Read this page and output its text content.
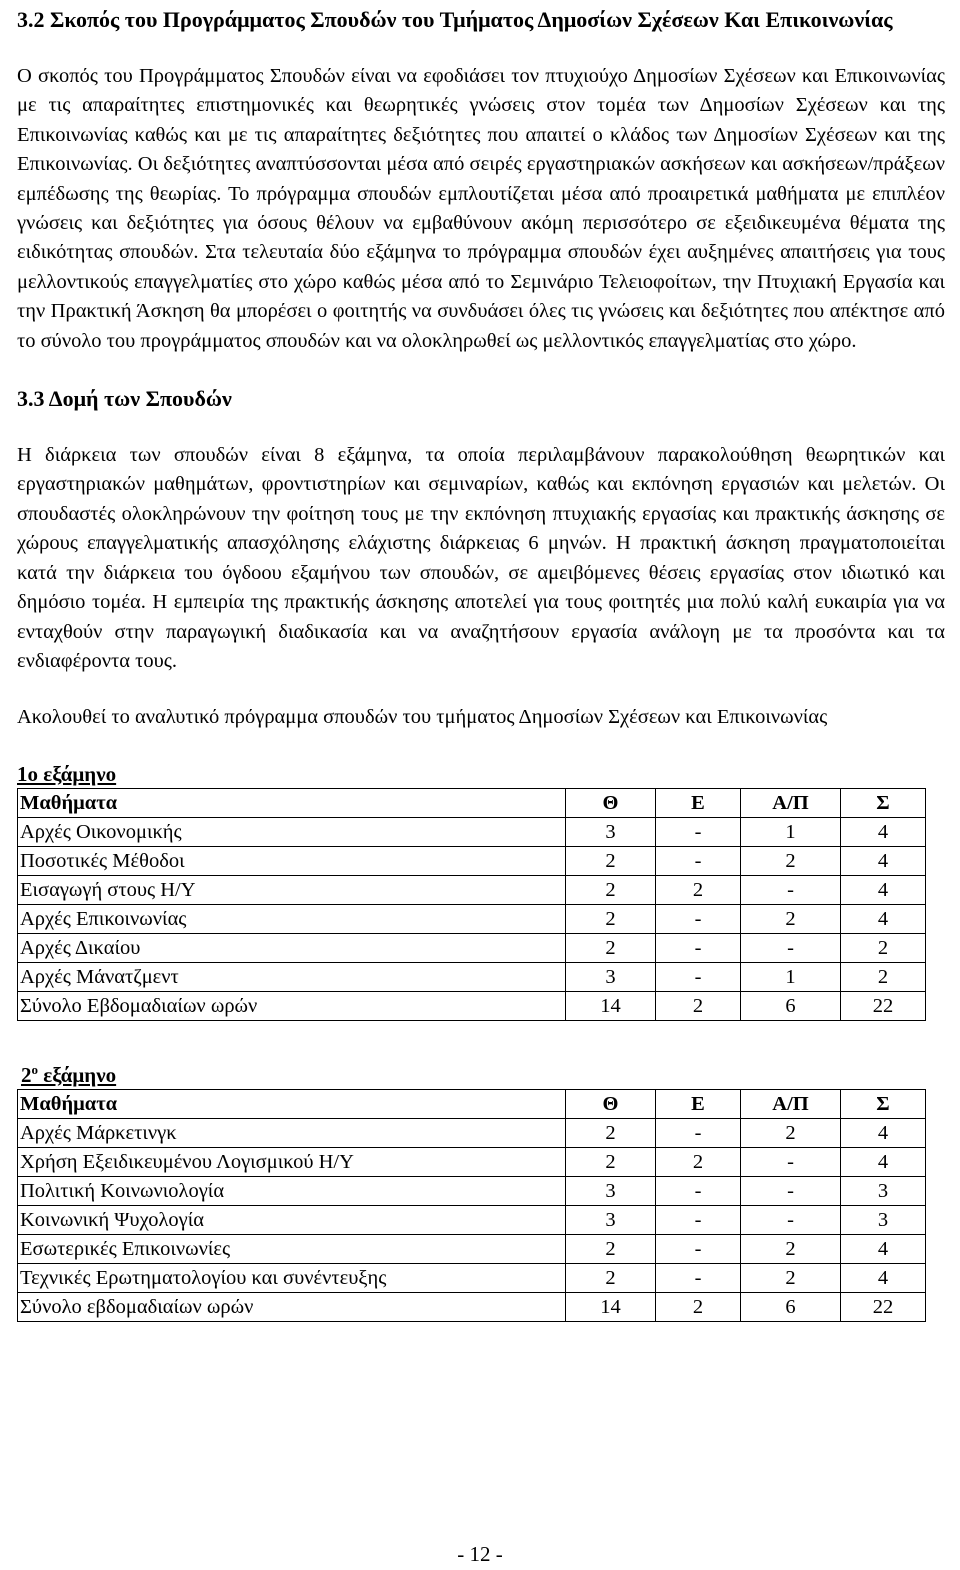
3.2 Σκοπός του Προγράμματος Σπουδών του Τμήματος Δημοσίων Σχέσεων Και Επικοινωνίας

Ο σκοπός του Προγράμματος Σπουδών είναι να εφοδιάσει τον πτυχιούχο Δημοσίων Σχέσεων και Επικοινωνίας με τις απαραίτητες επιστημονικές και θεωρητικές γνώσεις στον τομέα των Δημοσίων Σχέσεων και της Επικοινωνίας καθώς και με τις απαραίτητες δεξιότητες που απαιτεί ο κλάδος των Δημοσίων Σχέσεων και της Επικοινωνίας. Οι δεξιότητες αναπτύσσονται μέσα από σειρές εργαστηριακών ασκήσεων και ασκήσεων/πράξεων εμπέδωσης της θεωρίας. Το πρόγραμμα σπουδών εμπλουτίζεται μέσα από προαιρετικά μαθήματα με επιπλέον γνώσεις και δεξιότητες για όσους θέλουν να εμβαθύνουν ακόμη περισσότερο σε εξειδικευμένα θέματα της ειδικότητας σπουδών. Στα τελευταία δύο εξάμηνα το πρόγραμμα σπουδών έχει αυξημένες απαιτήσεις για τους μελλοντικούς επαγγελματίες στο χώρο καθώς μέσα από το Σεμινάριο Τελειοφοίτων, την Πτυχιακή Εργασία και την Πρακτική Άσκηση θα μπορέσει ο φοιτητής να συνδυάσει όλες τις γνώσεις και δεξιότητες που απέκτησε από το σύνολο του προγράμματος σπουδών και να ολοκληρωθεί ως μελλοντικός επαγγελματίας στο χώρο.

3.3 Δομή των Σπουδών

Η διάρκεια των σπουδών είναι 8 εξάμηνα, τα οποία περιλαμβάνουν παρακολούθηση θεωρητικών και εργαστηριακών μαθημάτων, φροντιστηρίων και σεμιναρίων, καθώς και εκπόνηση εργασιών και μελετών. Οι σπουδαστές ολοκληρώνουν την φοίτηση τους με την εκπόνηση πτυχιακής εργασίας και πρακτικής άσκησης σε χώρους επαγγελματικής απασχόλησης ελάχιστης διάρκειας 6 μηνών. Η πρακτική άσκηση πραγματοποιείται κατά την διάρκεια του όγδοου εξαμήνου των σπουδών, σε αμειβόμενες θέσεις εργασίας στον ιδιωτικό και δημόσιο τομέα. Η εμπειρία της πρακτικής άσκησης αποτελεί για τους φοιτητές μια πολύ καλή ευκαιρία για να ενταχθούν στην παραγωγική διαδικασία και να αναζητήσουν εργασία ανάλογη με τα προσόντα και τα ενδιαφέροντα τους.

Ακολουθεί το αναλυτικό πρόγραμμα σπουδών του τμήματος Δημοσίων Σχέσεων και Επικοινωνίας

1ο εξάμηνο
Μαθήματα	Θ	Ε	Α/Π	Σ
Αρχές Οικονομικής	3	-	1	4
Ποσοτικές Μέθοδοι	2	-	2	4
Εισαγωγή στους Η/Υ	2	2	-	4
Αρχές Επικοινωνίας	2	-	2	4
Αρχές Δικαίου	2	-	-	2
Αρχές Μάνατζμεντ	3	-	1	2
Σύνολο Εβδομαδιαίων ωρών	14	2	6	22
$2^o$ εξάμηνο
Μαθήματα	Θ	Ε	Α/Π	Σ
Αρχές Μάρκετινγκ	2	-	2	4
Χρήση Εξειδικευμένου Λογισμικού Η/Υ	2	2	-	4
Πολιτική Κοινωνιολογία	3	-	-	3
Κοινωνική Ψυχολογία	3	-	-	3
Εσωτερικές Επικοινωνίες	2	-	2	4
Τεχνικές Ερωτηματολογίου και συνέντευξης	2	-	2	4
Σύνολο εβδομαδιαίων ωρών	14	2	6	22
- 12 -
